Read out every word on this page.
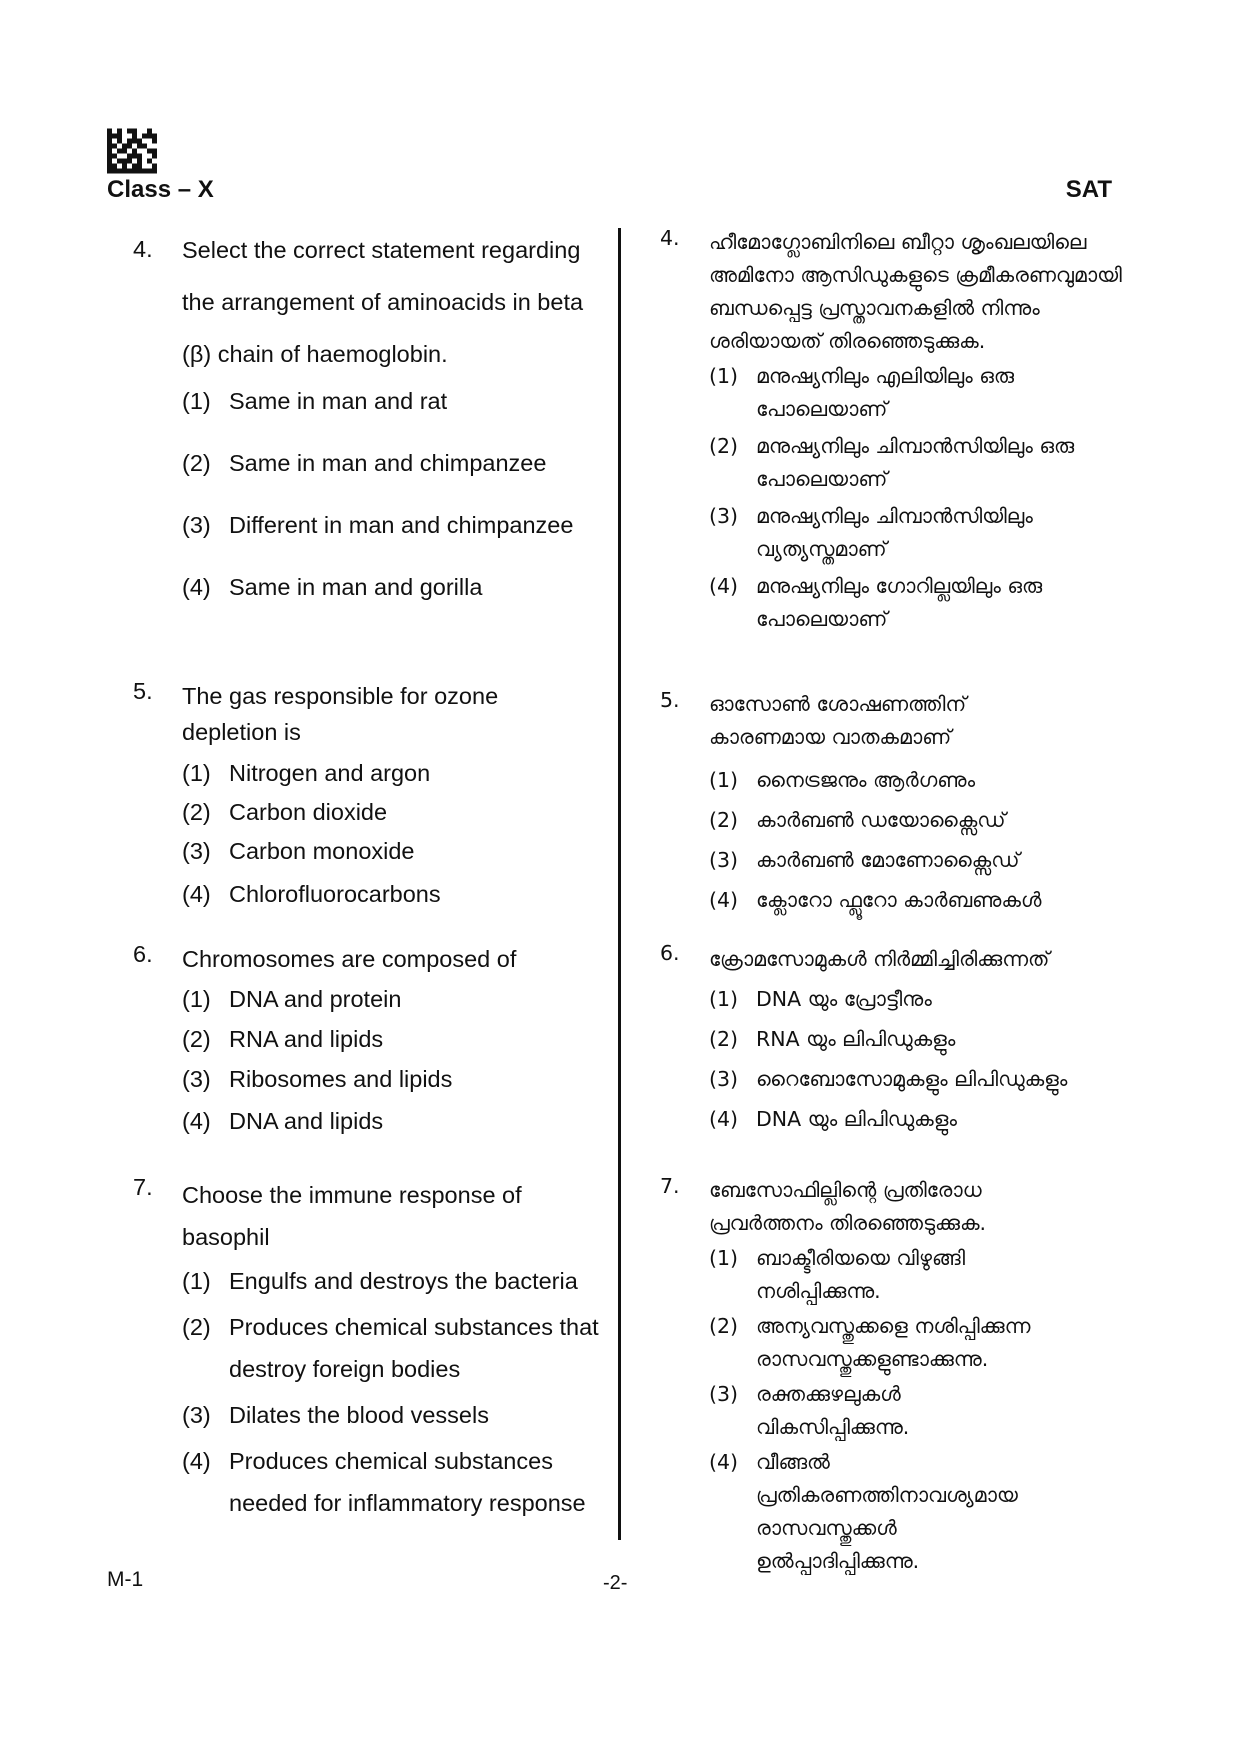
Class – X	SAT
4. Select the correct statement regarding the arrangement of aminoacids in beta (β) chain of haemoglobin.
(1) Same in man and rat
(2) Same in man and chimpanzee
(3) Different in man and chimpanzee
(4) Same in man and gorilla
5. The gas responsible for ozone depletion is
(1) Nitrogen and argon
(2) Carbon dioxide
(3) Carbon monoxide
(4) Chlorofluorocarbons
6. Chromosomes are composed of
(1) DNA and protein
(2) RNA and lipids
(3) Ribosomes and lipids
(4) DNA and lipids
7. Choose the immune response of basophil
(1) Engulfs and destroys the bacteria
(2) Produces chemical substances that destroy foreign bodies
(3) Dilates the blood vessels
(4) Produces chemical substances needed for inflammatory response
4. ഹീമോഗ്ലോബിനിലെ ബീറ്റാ ശൃംഖലയിലെ അമിനോ ആസിഡുകളുടെ ക്രമീകരണവുമായി ബന്ധപ്പെട്ട പ്രസ്താവനകളിൽ നിന്നും ശരിയായത് തിരഞ്ഞെടുക്കുക.
(1) മനുഷ്യനിലും എലിയിലും ഒരു പോലെയാണ്
(2) മനുഷ്യനിലും ചിമ്പാൻസിയിലും ഒരു പോലെയാണ്
(3) മനുഷ്യനിലും ചിമ്പാൻസിയിലും വ്യത്യസ്തമാണ്
(4) മനുഷ്യനിലും ഗോറില്ലയിലും ഒരു പോലെയാണ്
5. ഓസോൺ ശോഷണത്തിന് കാരണമായ വാതകമാണ്
(1) നൈട്രജനും ആർഗണും
(2) കാർബൺ ഡയോക്സൈഡ്
(3) കാർബൺ മോണോക്സൈഡ്
(4) ക്ലോറോ ഫ്ലൂറോ കാർബണുകൾ
6. ക്രോമസോമുകൾ നിർമ്മിച്ചിരിക്കുന്നത്
(1) DNA യും പ്രോട്ടീനും
(2) RNA യും ലിപിഡുകളും
(3) റൈബോസോമുകളും ലിപിഡുകളും
(4) DNA യും ലിപിഡുകളും
7. ബേസോഫില്ലിന്റെ പ്രതിരോധ പ്രവർത്തനം തിരഞ്ഞെടുക്കുക.
(1) ബാക്ടീരിയയെ വിഴുങ്ങി നശിപ്പിക്കുന്നു.
(2) അന്യവസ്തുക്കളെ നശിപ്പിക്കുന്ന രാസവസ്തുക്കളുണ്ടാക്കുന്നു.
(3) രക്തക്കുഴലുകൾ വികസിപ്പിക്കുന്നു.
(4) വീങ്ങൽ പ്രതികരണത്തിനാവശ്യമായ രാസവസ്തുക്കൾ ഉൽപ്പാദിപ്പിക്കുന്നു.
M-1	-2-
